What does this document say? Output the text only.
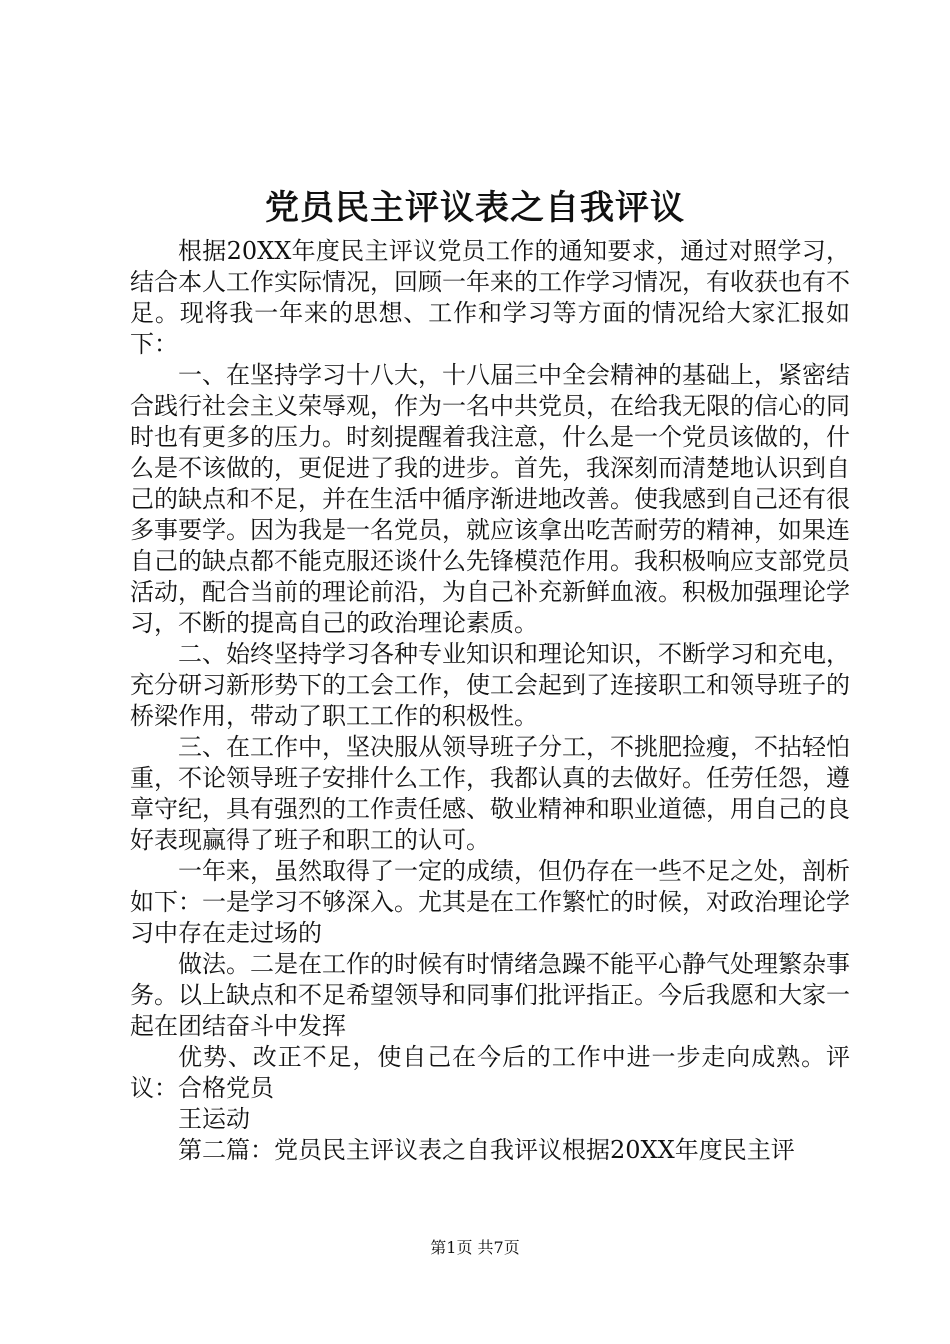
党员民主评议表之自我评议

根据20XX年度民主评议党员工作的通知要求，通过对照学习，结合本人工作实际情况，回顾一年来的工作学习情况，有收获也有不足。现将我一年来的思想、工作和学习等方面的情况给大家汇报如下：

一、在坚持学习十八大，十八届三中全会精神的基础上，紧密结合践行社会主义荣辱观，作为一名中共党员，在给我无限的信心的同时也有更多的压力。时刻提醒着我注意，什么是一个党员该做的，什么是不该做的，更促进了我的进步。首先，我深刻而清楚地认识到自己的缺点和不足，并在生活中循序渐进地改善。使我感到自己还有很多事要学。因为我是一名党员，就应该拿出吃苦耐劳的精神，如果连自己的缺点都不能克服还谈什么先锋模范作用。我积极响应支部党员活动，配合当前的理论前沿，为自己补充新鲜血液。积极加强理论学习，不断的提高自己的政治理论素质。

二、始终坚持学习各种专业知识和理论知识，不断学习和充电，充分研习新形势下的工会工作，使工会起到了连接职工和领导班子的桥梁作用，带动了职工工作的积极性。

三、在工作中，坚决服从领导班子分工，不挑肥捡瘦，不拈轻怕重，不论领导班子安排什么工作，我都认真的去做好。任劳任怨，遵章守纪，具有强烈的工作责任感、敬业精神和职业道德，用自己的良好表现赢得了班子和职工的认可。

一年来，虽然取得了一定的成绩，但仍存在一些不足之处，剖析如下：一是学习不够深入。尤其是在工作繁忙的时候，对政治理论学习中存在走过场的

做法。二是在工作的时候有时情绪急躁不能平心静气处理繁杂事务。以上缺点和不足希望领导和同事们批评指正。今后我愿和大家一起在团结奋斗中发挥

优势、改正不足，使自己在今后的工作中进一步走向成熟。评议：合格党员

王运动

第二篇：党员民主评议表之自我评议根据20XX年度民主评

第1页 共7页
